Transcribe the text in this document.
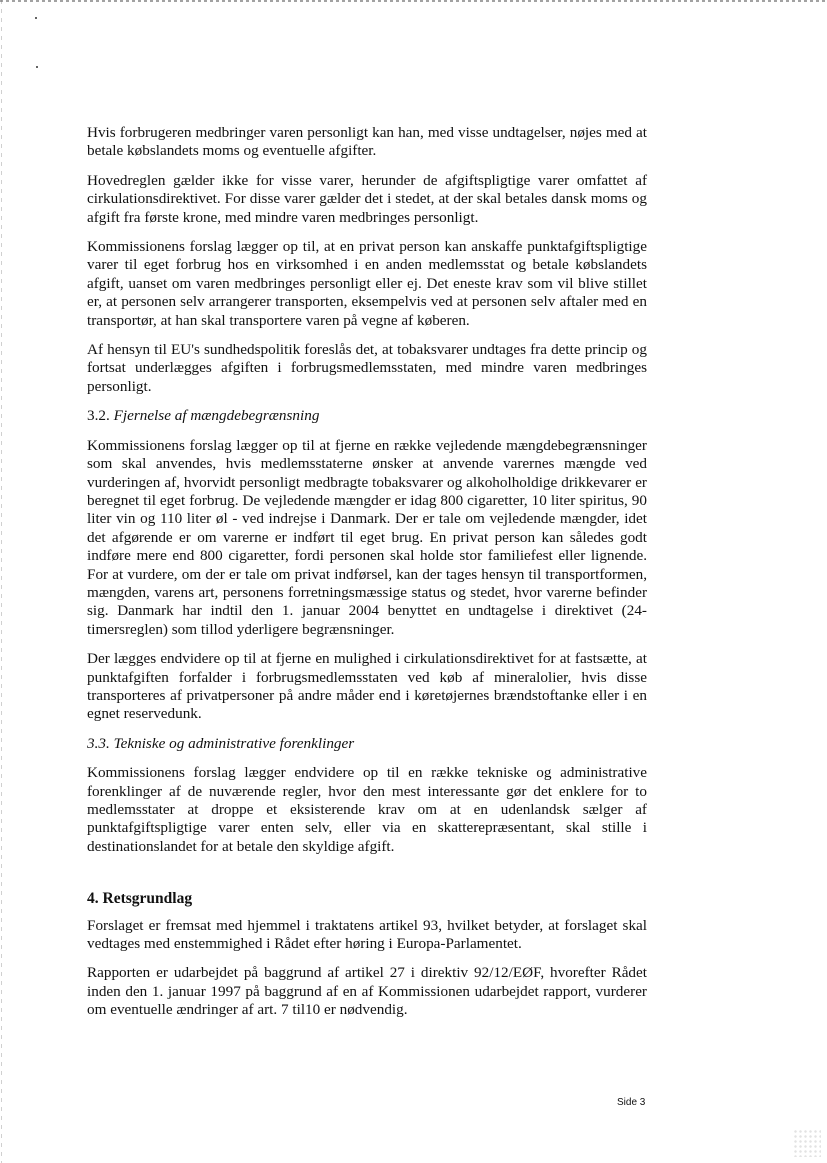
Hvis forbrugeren medbringer varen personligt kan han, med visse undtagelser, nøjes med at betale købslandets moms og eventuelle afgifter.

Hovedreglen gælder ikke for visse varer, herunder de afgiftspligtige varer omfattet af cirkulationsdirektivet. For disse varer gælder det i stedet, at der skal betales dansk moms og afgift fra første krone, med mindre varen medbringes personligt.

Kommissionens forslag lægger op til, at en privat person kan anskaffe punktafgiftspligtige varer til eget forbrug hos en virksomhed i en anden medlemsstat og betale købslandets afgift, uanset om varen medbringes personligt eller ej. Det eneste krav som vil blive stillet er, at personen selv arrangerer transporten, eksempelvis ved at personen selv aftaler med en transportør, at han skal transportere varen på vegne af køberen.

Af hensyn til EU's sundhedspolitik foreslås det, at tobaksvarer undtages fra dette princip og fortsat underlægges afgiften i forbrugsmedlemsstaten, med mindre varen medbringes personligt.

3.2. Fjernelse af mængdebegrænsning

Kommissionens forslag lægger op til at fjerne en række vejledende mængdebegrænsninger som skal anvendes, hvis medlemsstaterne ønsker at anvende varernes mængde ved vurderingen af, hvorvidt personligt medbragte tobaksvarer og alkoholholdige drikkevarer er beregnet til eget forbrug. De vejledende mængder er idag 800 cigaretter, 10 liter spiritus, 90 liter vin og 110 liter øl - ved indrejse i Danmark. Der er tale om vejledende mængder, idet det afgørende er om varerne er indført til eget brug. En privat person kan således godt indføre mere end 800 cigaretter, fordi personen skal holde stor familiefest eller lignende. For at vurdere, om der er tale om privat indførsel, kan der tages hensyn til transportformen, mængden, varens art, personens forretningsmæssige status og stedet, hvor varerne befinder sig. Danmark har indtil den 1. januar 2004 benyttet en undtagelse i direktivet (24-timersreglen) som tillod yderligere begrænsninger.

Der lægges endvidere op til at fjerne en mulighed i cirkulationsdirektivet for at fastsætte, at punktafgiften forfalder i forbrugsmedlemsstaten ved køb af mineralolier, hvis disse transporteres af privatpersoner på andre måder end i køretøjernes brændstoftanke eller i en egnet reservedunk.

3.3. Tekniske og administrative forenklinger

Kommissionens forslag lægger endvidere op til en række tekniske og administrative forenklinger af de nuværende regler, hvor den mest interessante gør det enklere for to medlemsstater at droppe et eksisterende krav om at en udenlandsk sælger af punktafgiftspligtige varer enten selv, eller via en skatterepræsentant, skal stille i destinationslandet for at betale den skyldige afgift.

4. Retsgrundlag

Forslaget er fremsat med hjemmel i traktatens artikel 93, hvilket betyder, at forslaget skal vedtages med enstemmighed i Rådet efter høring i Europa-Parlamentet.

Rapporten er udarbejdet på baggrund af artikel 27 i direktiv 92/12/EØF, hvorefter Rådet inden den 1. januar 1997 på baggrund af en af Kommissionen udarbejdet rapport, vurderer om eventuelle ændringer af art. 7 til10 er nødvendig.

Side 3
